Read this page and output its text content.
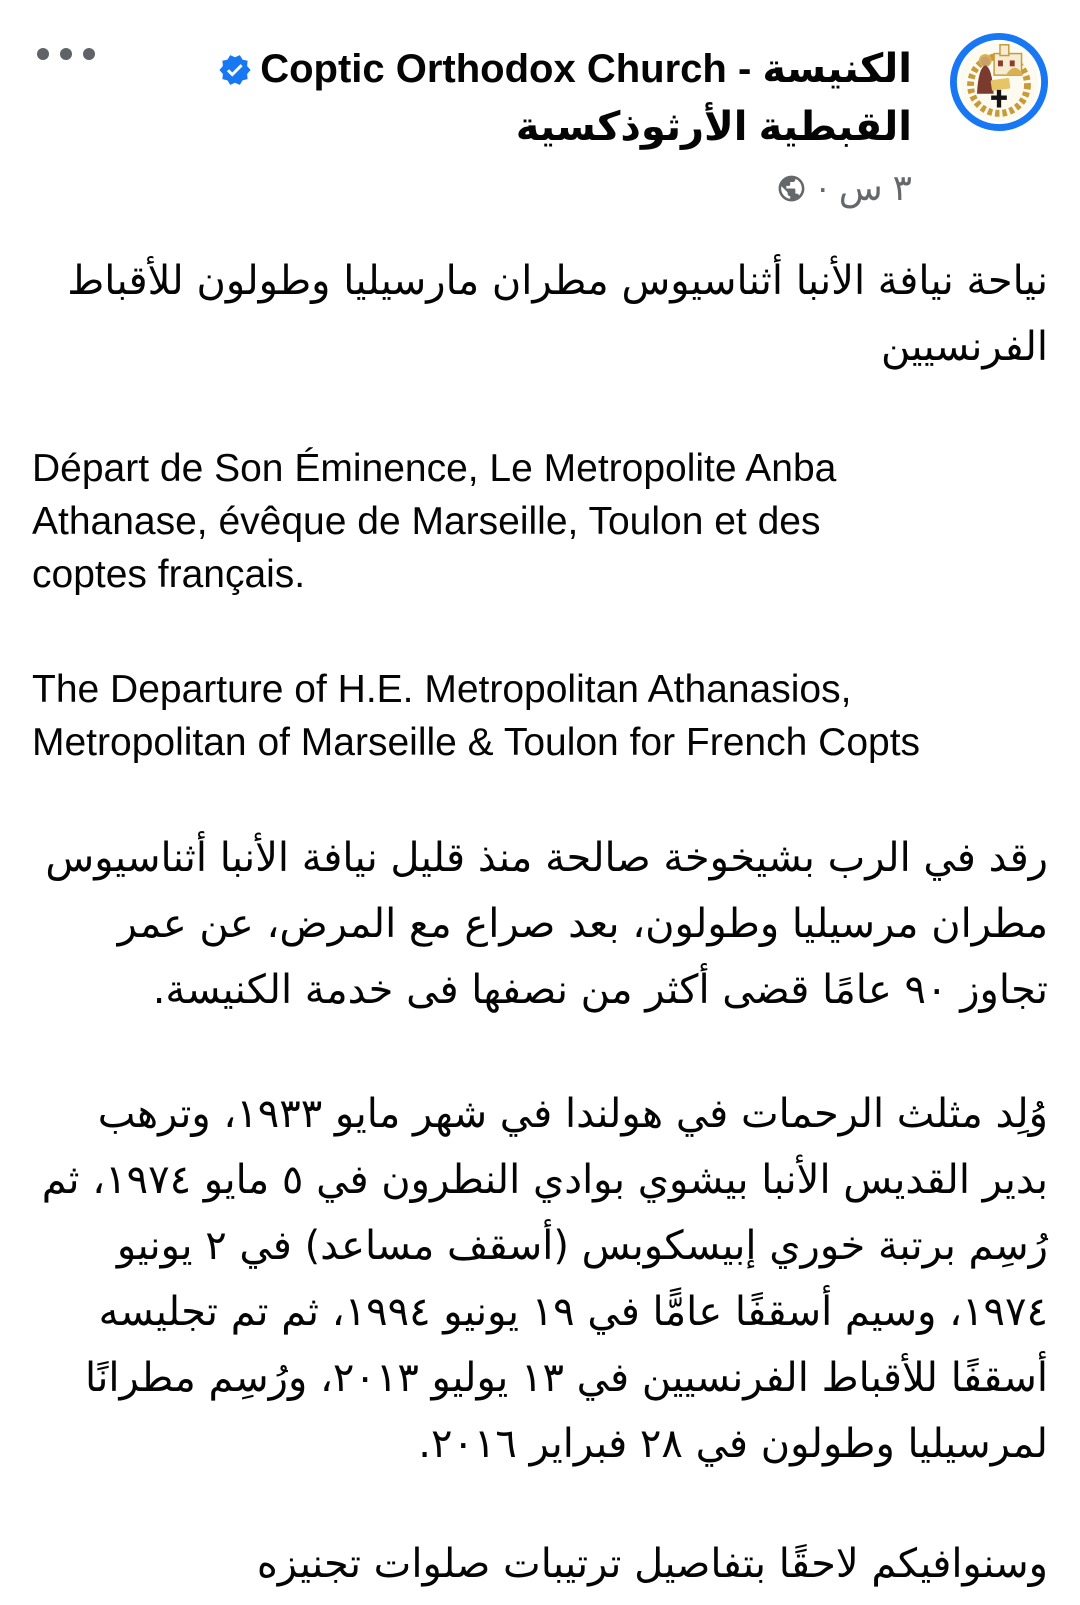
الكنيسة - Coptic Orthodox Church
القبطية الأرثوذكسية
٣ س
·

نياحة نيافة الأنبا أثناسيوس مطران مارسيليا وطولون للأقباط الفرنسيين

Départ de Son Éminence, Le Metropolite Anba
Athanase, évêque de Marseille, Toulon et des
coptes français.
The Departure of H.E. Metropolitan Athanasios,
Metropolitan of Marseille & Toulon for French Copts

رقد في الرب بشيخوخة صالحة منذ قليل نيافة الأنبا أثناسيوس مطران مرسيليا وطولون، بعد صراع مع المرض، عن عمر تجاوز ٩٠ عامًا قضى أكثر من نصفها فى خدمة الكنيسة.

وُلِد مثلث الرحمات في هولندا في شهر مايو ١٩٣٣، وترهب بدير القديس الأنبا بيشوي بوادي النطرون في ٥ مايو ١٩٧٤، ثم رُسِم برتبة خوري إبيسكوبس (أسقف مساعد) في ٢ يونيو ١٩٧٤، وسيم أسقفًا عامًّا في ١٩ يونيو ١٩٩٤، ثم تم تجليسه أسقفًا للأقباط الفرنسيين في ١٣ يوليو ٢٠١٣، ورُسِم مطرانًا لمرسيليا وطولون في ٢٨ فبراير ٢٠١٦.

وسنوافيكم لاحقًا بتفاصيل ترتيبات صلوات تجنيزه
